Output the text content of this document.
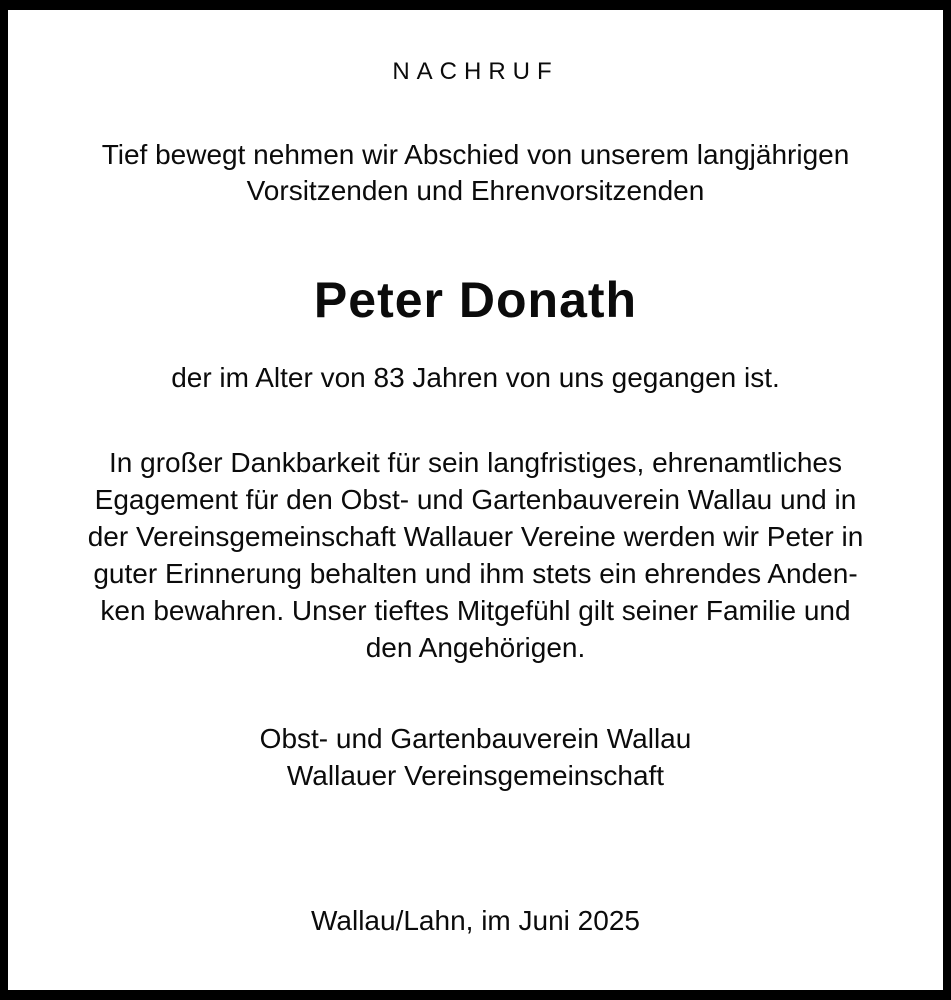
NACHRUF
Tief bewegt nehmen wir Abschied von unserem langjährigen
Vorsitzenden und Ehrenvorsitzenden
Peter Donath
der im Alter von 83 Jahren von uns gegangen ist.
In großer Dankbarkeit für sein langfristiges, ehrenamtliches
Egagement für den Obst- und Gartenbauverein Wallau und in
der Vereinsgemeinschaft Wallauer Vereine werden wir Peter in
guter Erinnerung behalten und ihm stets ein ehrendes Anden-
ken bewahren. Unser tieftes Mitgefühl gilt seiner Familie und
den Angehörigen.
Obst- und Gartenbauverein Wallau
Wallauer Vereinsgemeinschaft
Wallau/Lahn, im Juni 2025
